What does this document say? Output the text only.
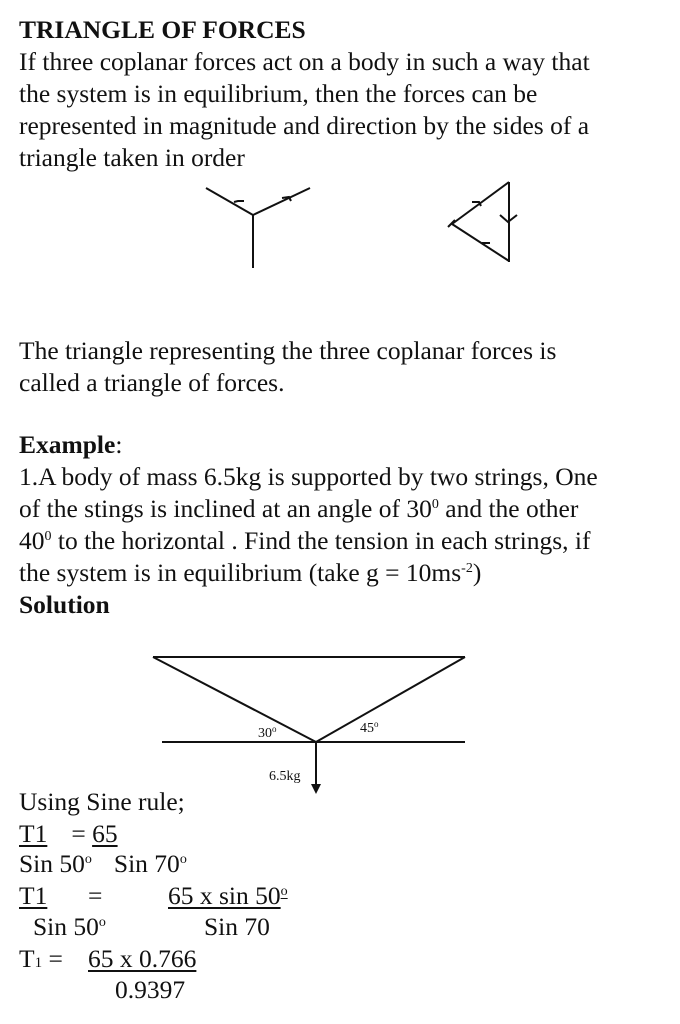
TRIANGLE OF FORCES
If three coplanar forces act on a body in such a way that
the system is in equilibrium, then the forces can be
represented in magnitude and direction by the sides of a
triangle taken in order
The triangle representing the three coplanar forces is
called a triangle of forces.
Example:
1.A body of mass 6.5kg is supported by two strings, One
of the stings is inclined at an angle of $30^0$ and the other
$40^0$ to the horizontal . Find the tension in each strings, if
the system is in equilibrium (take $g = 10ms^{-2}$)
Solution
30$^o$	45$^o$
6.5kg
Using Sine rule;
T1 = 65
Sin 50$^o$ Sin 70$^o$
T1 =	65 x sin 50$^o$
Sin 50$^o$	Sin 70
$T_1 = 65$ x 0.766
0.9397
